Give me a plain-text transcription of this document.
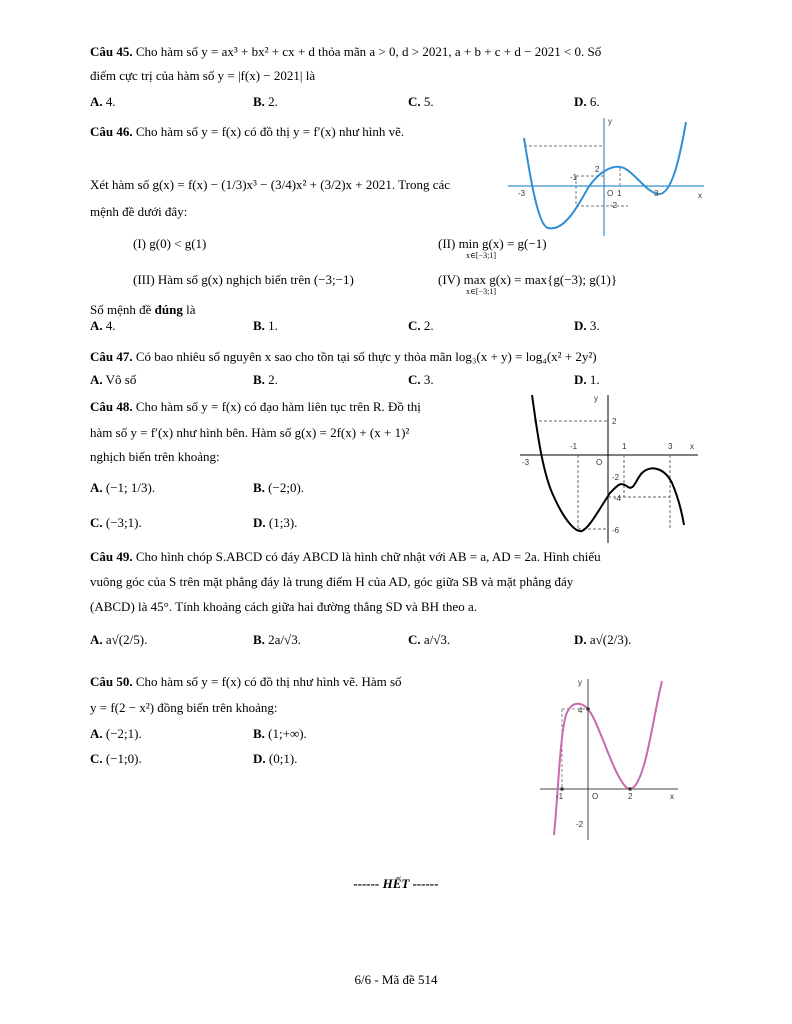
Câu 45. Cho hàm số y = ax³ + bx² + cx + d thỏa mãn a > 0, d > 2021, a + b + c + d − 2021 < 0. Số
điểm cực trị của hàm số y = |f(x) − 2021| là
A. 4.	B. 2.	C. 5.	D. 6.
Câu 46. Cho hàm số y = f(x) có đồ thị y = f′(x) như hình vẽ.
Xét hàm số g(x) = f(x) − (1/3)x³ − (3/4)x² + (3/2)x + 2021. Trong các
mệnh đề dưới đây:
(I) g(0) < g(1)	(II) min g(x) = g(−1)
x∈[−3;1]
(III) Hàm số g(x) nghịch biến trên (−3;−1)	(IV) max g(x) = max{g(−3); g(1)}
x∈[−3;1]
Số mệnh đề đúng là
A. 4.	B. 1.	C. 2.	D. 3.
y
x
O 1	3
-1
-3
-2
2
Câu 47. Có bao nhiêu số nguyên x sao cho tồn tại số thực y thỏa mãn log₃(x + y) = log₄(x² + 2y²)
A. Vô số	B. 2.	C. 3.	D. 1.
Câu 48. Cho hàm số y = f(x) có đạo hàm liên tục trên R. Đồ thị
hàm số y = f′(x) như hình bên. Hàm số g(x) = 2f(x) + (x + 1)²
nghịch biến trên khoảng:
A. (−1; 1/3).	B. (−2;0).
C. (−3;1).	D. (1;3).
y
x
O
-3
-1	1	3
2
-2
-4
-6
Câu 49. Cho hình chóp S.ABCD có đáy ABCD là hình chữ nhật với AB = a, AD = 2a. Hình chiếu
vuông góc của S trên mặt phẳng đáy là trung điểm H của AD, góc giữa SB và mặt phẳng đáy
(ABCD) là 45°. Tính khoảng cách giữa hai đường thẳng SD và BH theo a.
A. a√(2/5).	B. 2a/√3.	C. a/√3.	D. a√(2/3).
Câu 50. Cho hàm số y = f(x) có đồ thị như hình vẽ. Hàm số
y = f(2 − x²) đồng biến trên khoảng:
A. (−2;1).	B. (1;+∞).
C. (−1;0).	D. (0;1).
y
x
O
-1	2
4
-2
------ HẾT ------
6/6 - Mã đề 514
